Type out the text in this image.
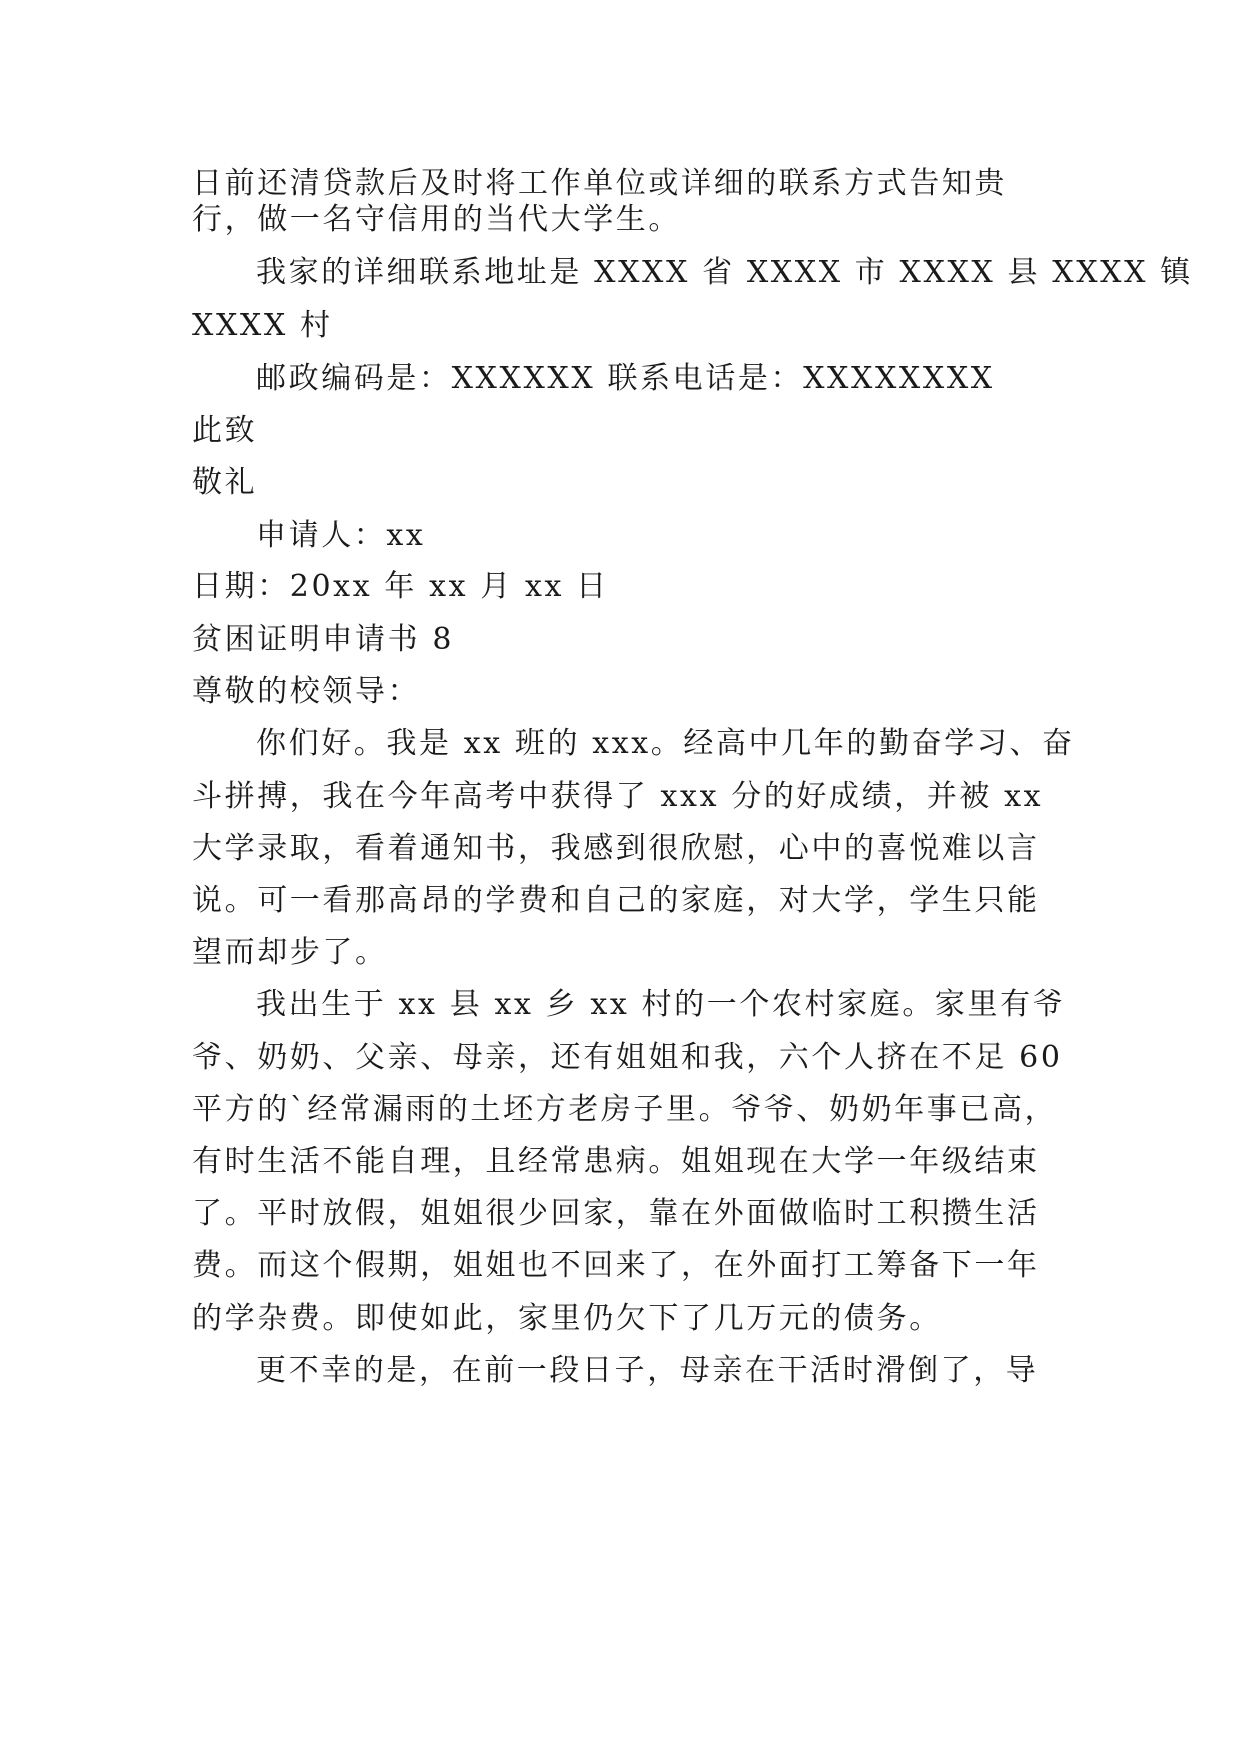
日前还清贷款后及时将工作单位或详细的联系方式告知贵
行，做一名守信用的当代大学生。
我家的详细联系地址是 XXXX 省 XXXX 市 XXXX 县 XXXX 镇
XXXX 村
邮政编码是：XXXXXX 联系电话是：XXXXXXXX
此致
敬礼
申请人：xx
日期：20xx 年 xx 月 xx 日
贫困证明申请书 8
尊敬的校领导：
你们好。我是 xx 班的 xxx。经高中几年的勤奋学习、奋
斗拼搏，我在今年高考中获得了 xxx 分的好成绩，并被 xx
大学录取，看着通知书，我感到很欣慰，心中的喜悦难以言
说。可一看那高昂的学费和自己的家庭，对大学，学生只能
望而却步了。
我出生于 xx 县 xx 乡 xx 村的一个农村家庭。家里有爷
爷、奶奶、父亲、母亲，还有姐姐和我，六个人挤在不足 60
平方的`经常漏雨的土坯方老房子里。爷爷、奶奶年事已高，
有时生活不能自理，且经常患病。姐姐现在大学一年级结束
了。平时放假，姐姐很少回家，靠在外面做临时工积攒生活
费。而这个假期，姐姐也不回来了，在外面打工筹备下一年
的学杂费。即使如此，家里仍欠下了几万元的债务。
更不幸的是，在前一段日子，母亲在干活时滑倒了，导
